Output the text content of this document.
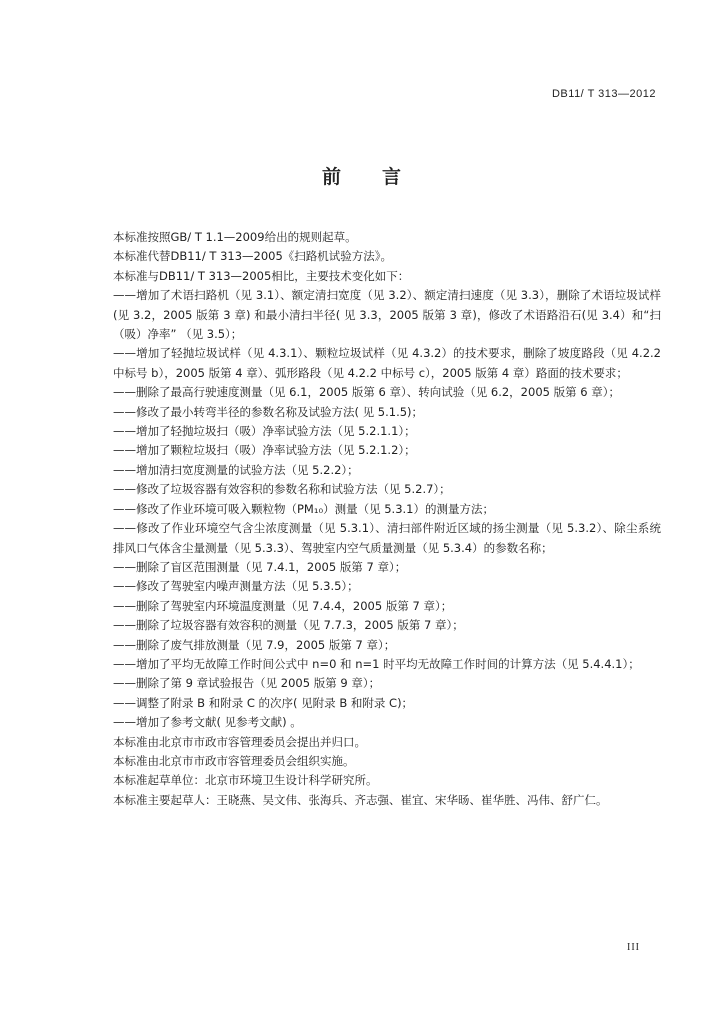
DB11/ T 313—2012
前 言

本标准按照GB/ T 1.1—2009给出的规则起草。

本标准代替DB11/ T 313—2005《扫路机试验方法》。

本标准与DB11/ T 313—2005相比，主要技术变化如下：

——增加了术语扫路机（见 3.1）、额定清扫宽度（见 3.2）、额定清扫速度（见 3.3），删除了术语垃圾试样(见 3.2，2005 版第 3 章) 和最小清扫半径( 见 3.3，2005 版第 3 章)，修改了术语路沿石(见 3.4）和“扫（吸）净率” （见 3.5）；

——增加了轻抛垃圾试样（见 4.3.1）、颗粒垃圾试样（见 4.3.2）的技术要求，删除了坡度路段（见 4.2.2 中标号 b），2005 版第 4 章）、弧形路段（见 4.2.2 中标号 c），2005 版第 4 章）路面的技术要求；

——删除了最高行驶速度测量（见 6.1，2005 版第 6 章）、转向试验（见 6.2，2005 版第 6 章）；

——修改了最小转弯半径的参数名称及试验方法( 见 5.1.5)；

——增加了轻抛垃圾扫（吸）净率试验方法（见 5.2.1.1）；

——增加了颗粒垃圾扫（吸）净率试验方法（见 5.2.1.2）；

——增加清扫宽度测量的试验方法（见 5.2.2）；

——修改了垃圾容器有效容积的参数名称和试验方法（见 5.2.7）；

——修改了作业环境可吸入颗粒物（PM₁₀）测量（见 5.3.1）的测量方法；

——修改了作业环境空气含尘浓度测量（见 5.3.1）、清扫部件附近区域的扬尘测量（见 5.3.2）、除尘系统排风口气体含尘量测量（见 5.3.3）、驾驶室内空气质量测量（见 5.3.4）的参数名称；

——删除了盲区范围测量（见 7.4.1，2005 版第 7 章）；

——修改了驾驶室内噪声测量方法（见 5.3.5）；

——删除了驾驶室内环境温度测量（见 7.4.4，2005 版第 7 章）；

——删除了垃圾容器有效容积的测量（见 7.7.3，2005 版第 7 章）；

——删除了废气排放测量（见 7.9，2005 版第 7 章）；

——增加了平均无故障工作时间公式中 n=0 和 n=1 时平均无故障工作时间的计算方法（见 5.4.4.1）；

——删除了第 9 章试验报告（见 2005 版第 9 章）；

——调整了附录 B 和附录 C 的次序( 见附录 B 和附录 C)；

——增加了参考文献( 见参考文献) 。

本标准由北京市市政市容管理委员会提出并归口。

本标准由北京市市政市容管理委员会组织实施。

本标准起草单位：北京市环境卫生设计科学研究所。

本标准主要起草人：王晓燕、吴文伟、张海兵、齐志强、崔宜、宋华旸、崔华胜、冯伟、舒广仁。

III
